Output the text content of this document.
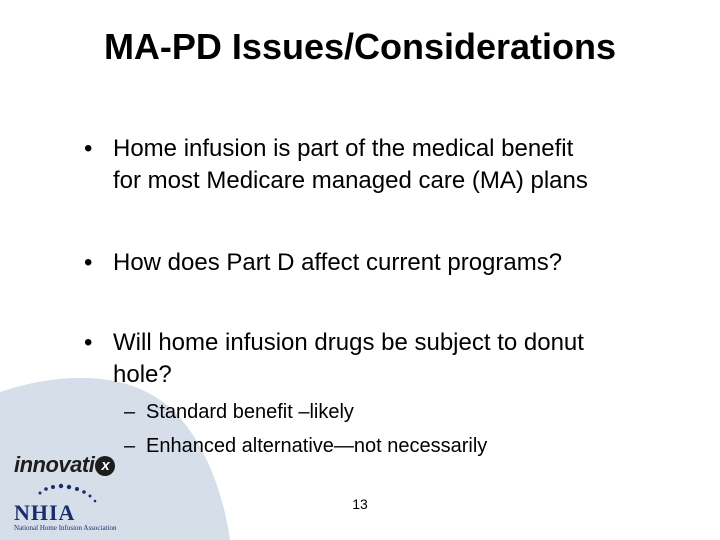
MA-PD Issues/Considerations
• Home infusion is part of the medical benefit
for most Medicare managed care (MA) plans
• How does Part D affect current programs?
• Will home infusion drugs be subject to donut
hole?
– Standard benefit –likely
– Enhanced alternative—not necessarily
innovati x
NHIA
National Home Infusion Association
13
